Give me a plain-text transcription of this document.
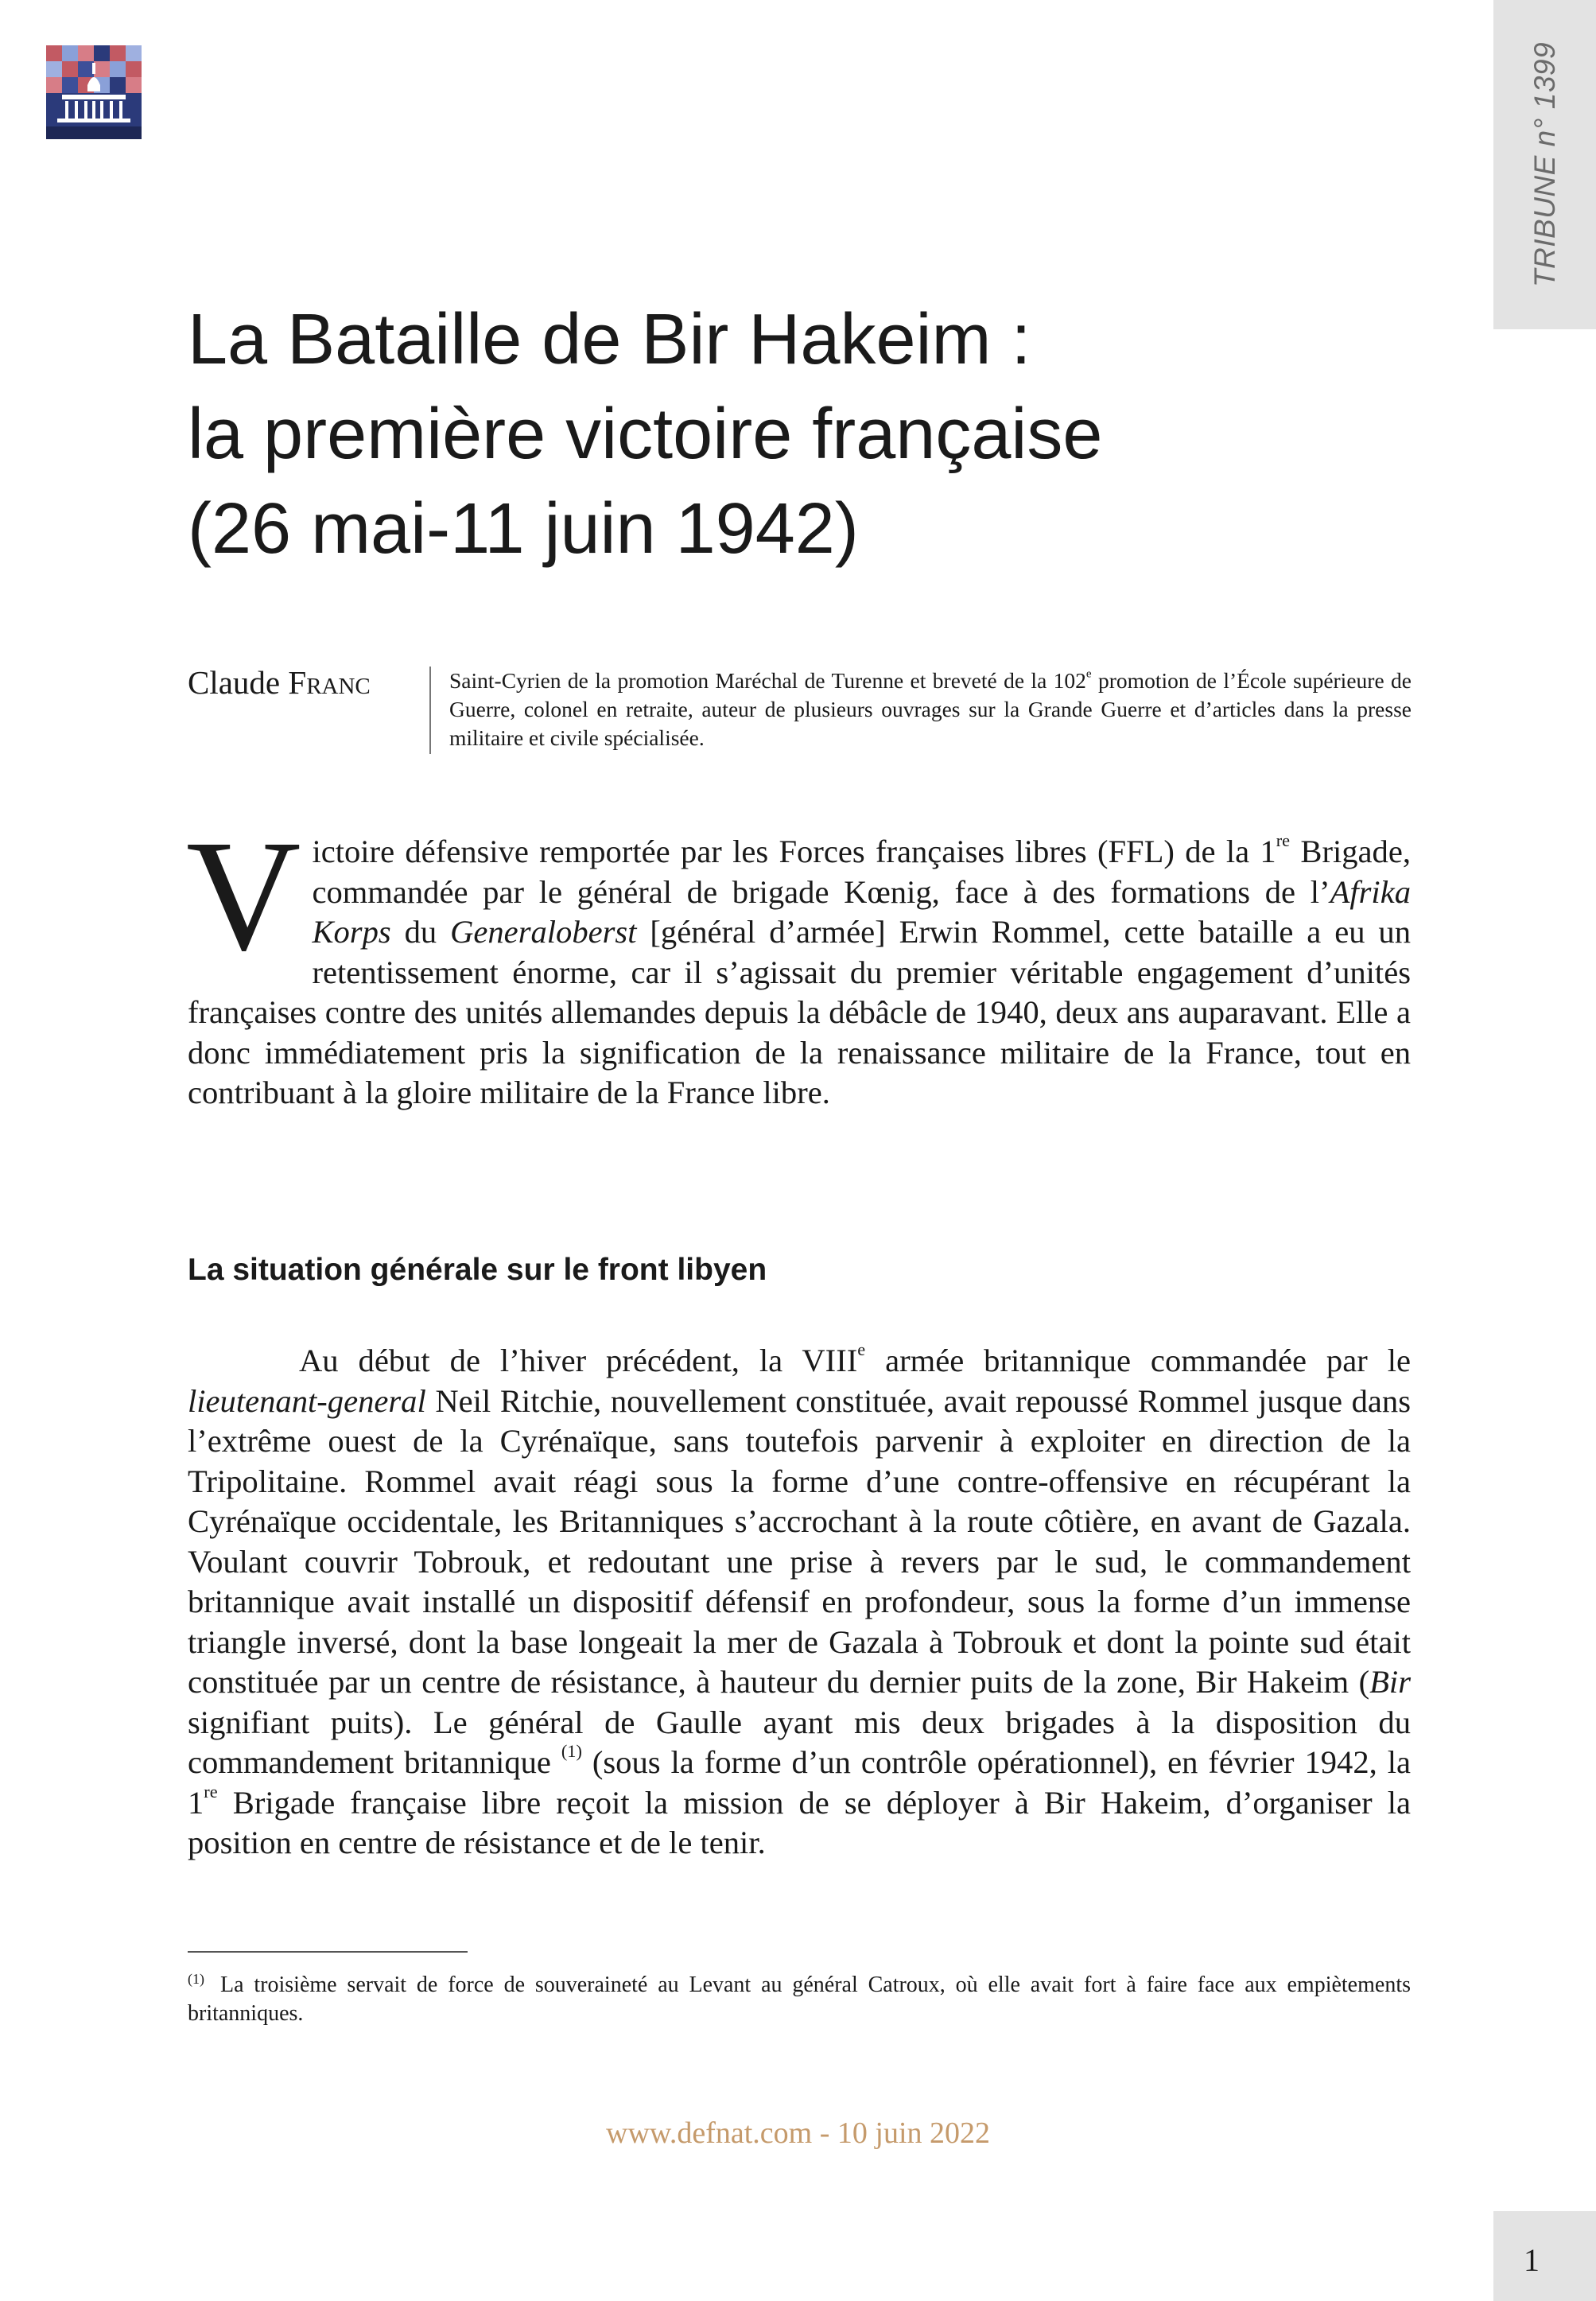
TRIBUNE n° 1399
La Bataille de Bir Hakeim :
la première victoire française
(26 mai-11 juin 1942)
Claude Franc	Saint-Cyrien de la promotion Maréchal de Turenne et breveté de la 102e promotion de l’École supérieure de Guerre, colonel en retraite, auteur de plusieurs ouvrages sur la Grande Guerre et d’articles dans la presse militaire et civile spécialisée.
Victoire défensive remportée par les Forces françaises libres (FFL) de la 1re Brigade, commandée par le général de brigade Kœnig, face à des formations de l’Afrika Korps du Generaloberst [général d’armée] Erwin Rommel, cette bataille a eu un retentissement énorme, car il s’agissait du premier véritable engagement d’unités françaises contre des unités allemandes depuis la débâcle de 1940, deux ans auparavant. Elle a donc immédiatement pris la signification de la renaissance militaire de la France, tout en contribuant à la gloire militaire de la France libre.
La situation générale sur le front libyen
Au début de l’hiver précédent, la VIIIe armée britannique commandée par le lieutenant-general Neil Ritchie, nouvellement constituée, avait repoussé Rommel jusque dans l’extrême ouest de la Cyrénaïque, sans toutefois parvenir à exploiter en direction de la Tripolitaine. Rommel avait réagi sous la forme d’une contre-offensive en récupérant la Cyrénaïque occidentale, les Britanniques s’accrochant à la route côtière, en avant de Gazala. Voulant couvrir Tobrouk, et redoutant une prise à revers par le sud, le commandement britannique avait installé un dispositif défensif en profondeur, sous la forme d’un immense triangle inversé, dont la base longeait la mer de Gazala à Tobrouk et dont la pointe sud était constituée par un centre de résistance, à hauteur du dernier puits de la zone, Bir Hakeim (Bir signifiant puits). Le général de Gaulle ayant mis deux brigades à la disposition du commandement britannique $^{(1)}$ (sous la forme d’un contrôle opérationnel), en février 1942, la 1re Brigade française libre reçoit la mission de se déployer à Bir Hakeim, d’organiser la position en centre de résistance et de le tenir.
$^{(1)}$ La troisième servait de force de souveraineté au Levant au général Catroux, où elle avait fort à faire face aux empiètements britanniques.
www.defnat.com - 10 juin 2022
1
